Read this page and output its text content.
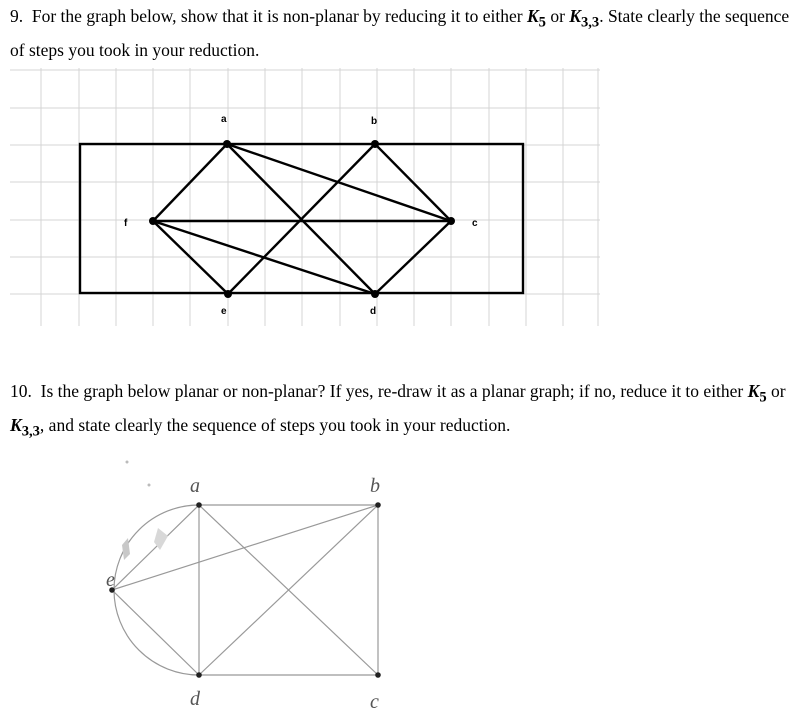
9. For the graph below, show that it is non-planar by reducing it to either $K_5$ or $K_{3,3}$. State clearly the sequence of steps you took in your reduction.
a	b
c
d
e
f
10. Is the graph below planar or non-planar? If yes, re-draw it as a planar graph; if no, reduce it to either $K_5$ or $K_{3,3}$, and state clearly the sequence of steps you took in your reduction.
a	b
c
d
e
